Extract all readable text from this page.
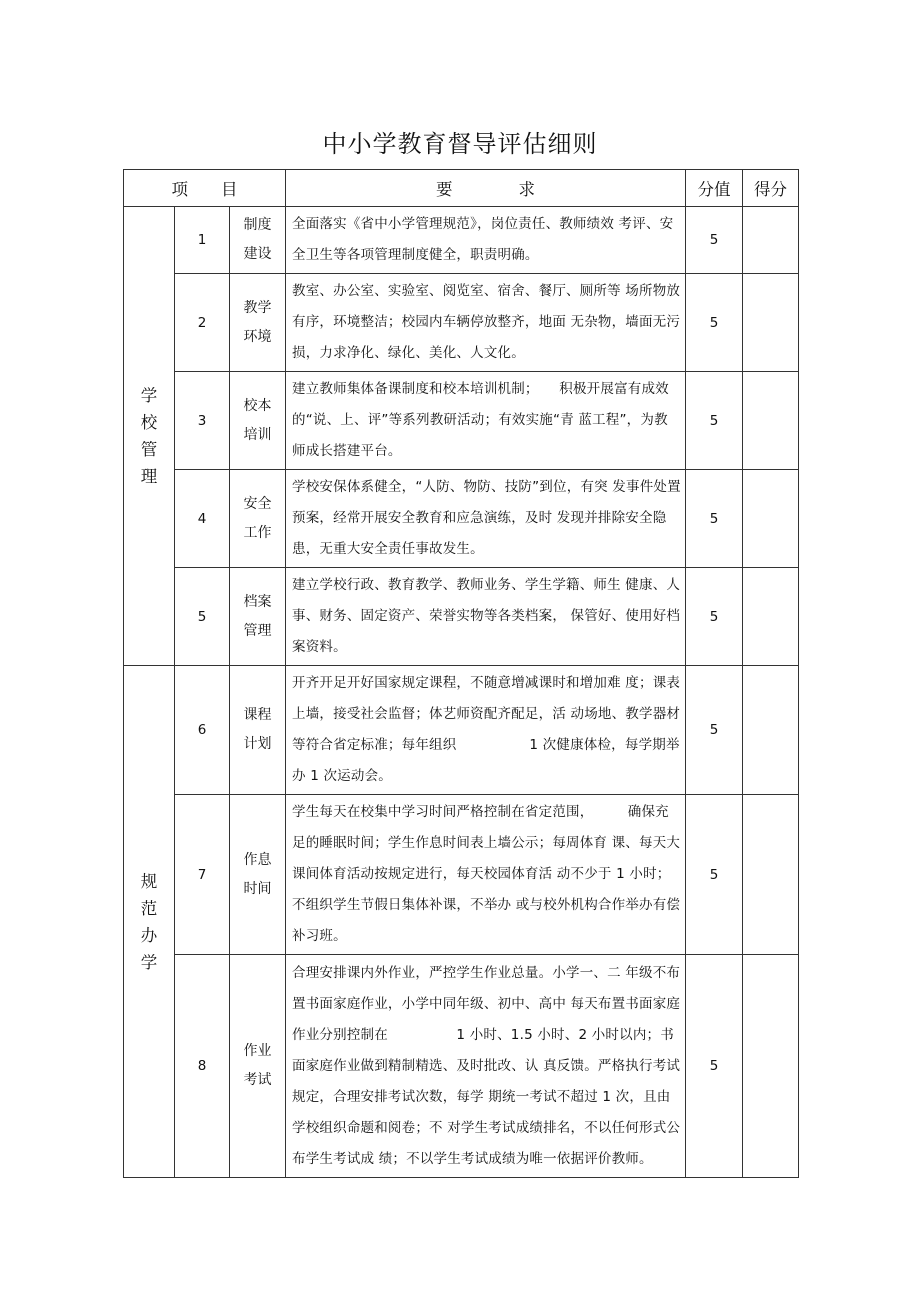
中小学教育督导评估细则
项　　目			要　　　　求	分值	得分

学
校
管
理	1	制度
建设	全面落实《省中小学管理规范》，岗位责任、教师绩效 考评、安全卫生等各项管理制度健全，职责明确。	5	
	2	教学
环境	教室、办公室、实验室、阅览室、宿舍、餐厅、厕所等 场所物放有序，环境整洁；校园内车辆停放整齐，地面 无杂物，墙面无污损，力求净化、绿化、美化、人文化。	5	
	3	校本
培训	建立教师集体备课制度和校本培训机制；　　积极开展富有成效的“说、上、评”等系列教研活动；有效实施“青 蓝工程”，为教师成长搭建平台。	5	
	4	安全
工作	学校安保体系健全，“人防、物防、技防”到位，有突 发事件处置预案，经常开展安全教育和应急演练，及时 发现并排除安全隐患，无重大安全责任事故发生。	5	
	5	档案
管理	建立学校行政、教育教学、教师业务、学生学籍、师生 健康、人事、财务、固定资产、荣誉实物等各类档案， 保管好、使用好档案资料。	5	

规
范
办
学	6	课程
计划	开齐开足开好国家规定课程，不随意增减课时和增加难 度；课表上墙，接受社会监督；体艺师资配齐配足，活 动场地、教学器材等符合省定标准；每年组织　　　　　 1 次健康体检，每学期举办 1 次运动会。	5	
	7	作息
时间	学生每天在校集中学习时间严格控制在省定范围，　　　确保充足的睡眠时间；学生作息时间表上墙公示；每周体育 课、每天大课间体育活动按规定进行，每天校园体育活 动不少于 1 小时；不组织学生节假日集体补课，不举办 或与校外机构合作举办有偿补习班。	5	
	8	作业
考试	合理安排课内外作业，严控学生作业总量。小学一、二 年级不布置书面家庭作业，小学中同年级、初中、高中 每天布置书面家庭作业分别控制在　　　　　1 小时、1.5 小时、2 小时以内；书面家庭作业做到精制精选、及时批改、认 真反馈。严格执行考试规定，合理安排考试次数，每学 期统一考试不超过 1 次，且由学校组织命题和阅卷；不 对学生考试成绩排名，不以任何形式公布学生考试成 绩；不以学生考试成绩为唯一依据评价教师。	5	
